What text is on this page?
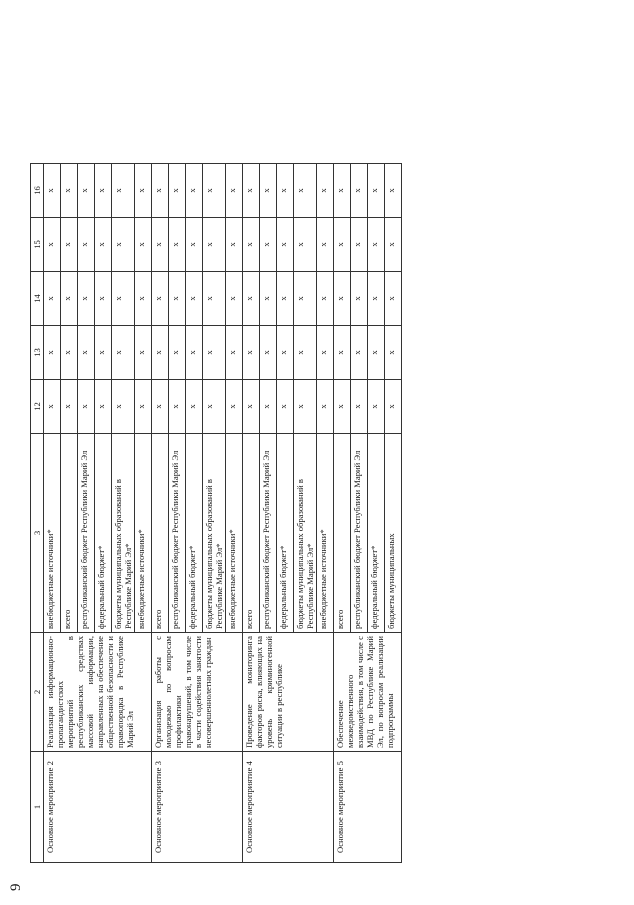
9
1	2	3	12	13	14	15	16
Основное мероприятие 2	Реализация информационно-пропагандистских мероприятий в республиканских средствах массовой информации, направленных на обеспечение общественной безопасности и правопорядка в Республике Марий Эл	внебюджетные источники*	x	x	x	x	x
		всего	x	x	x	x	x
		республиканский бюджет Республики Марий Эл	x	x	x	x	x
		федеральный бюджет*	x	x	x	x	x
		бюджеты муниципальных образований в Республике Марий Эл*	x	x	x	x	x
		внебюджетные источники*	x	x	x	x	x
Основное мероприятие 3	Организация работы с молодежью по вопросам профилактики правонарушений, в том числе в части содействия занятости несовершеннолетних граждан	всего	x	x	x	x	x
		республиканский бюджет Республики Марий Эл	x	x	x	x	x
		федеральный бюджет*	x	x	x	x	x
		бюджеты муниципальных образований в Республике Марий Эл*	x	x	x	x	x
		внебюджетные источники*	x	x	x	x	x
Основное мероприятие 4	Проведение мониторинга факторов риска, влияющих на уровень криминогенной ситуации в республике	всего	x	x	x	x	x
		республиканский бюджет Республики Марий Эл	x	x	x	x	x
		федеральный бюджет*	x	x	x	x	x
		бюджеты муниципальных образований в Республике Марий Эл*	x	x	x	x	x
		внебюджетные источники*	x	x	x	x	x
Основное мероприятие 5	Обеспечение межведомственного взаимодействия, в том числе с МВД по Республике Марий Эл, по вопросам реализации подпрограммы	всего	x	x	x	x	x
		республиканский бюджет Республики Марий Эл	x	x	x	x	x
		федеральный бюджет*	x	x	x	x	x
		бюджеты муниципальных	x	x	x	x	x
